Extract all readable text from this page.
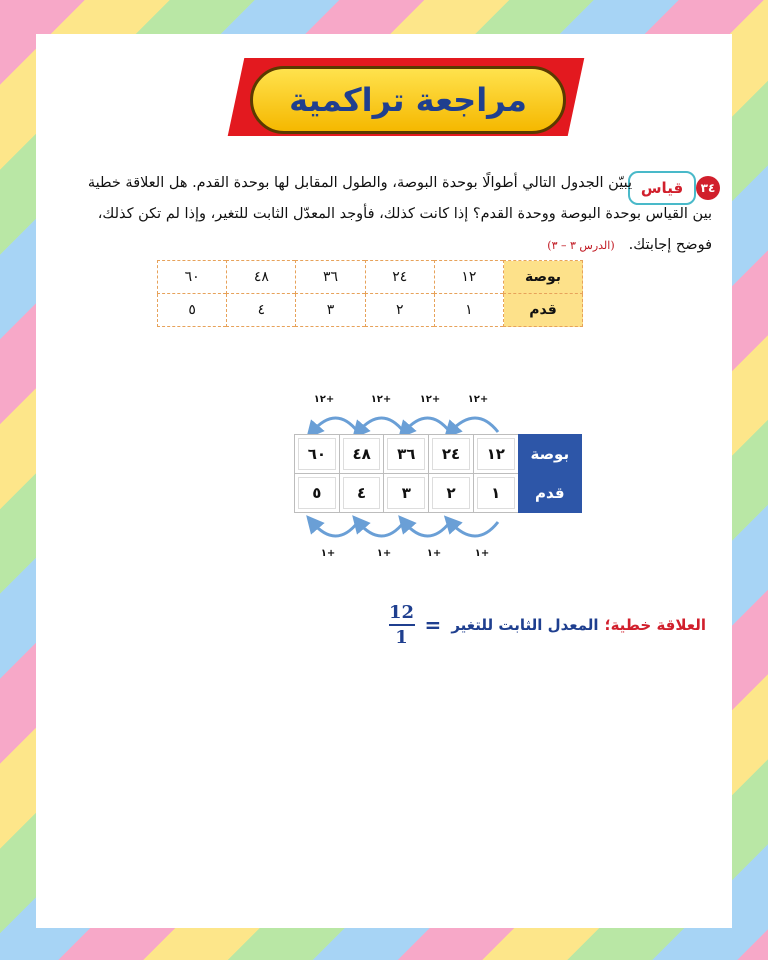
مراجعة تراكمية
٣٤
قياس
يبيّن الجدول التالي أطوالًا بوحدة البوصة، والطول المقابل لها بوحدة القدم. هل العلاقة خطية
بين القياس بوحدة البوصة ووحدة القدم؟ إذا كانت كذلك، فأوجد المعدّل الثابت للتغير، وإذا لم تكن كذلك،
فوضح إجابتك.(الدرس ٣ – ٣)
بوصة	١٢	٢٤	٣٦	٤٨	٦٠
قدم	١	٢	٣	٤	٥
١٢+
١٢+
١٢+
١٢+
١+
١+
١+
١+
بوصة	١٢	٢٤	٣٦	٤٨	٦٠
قدم	١	٢	٣	٤	٥
العلاقة خطية؛
المعدل الثابت للتغير
=
$\frac{12}{1}$
